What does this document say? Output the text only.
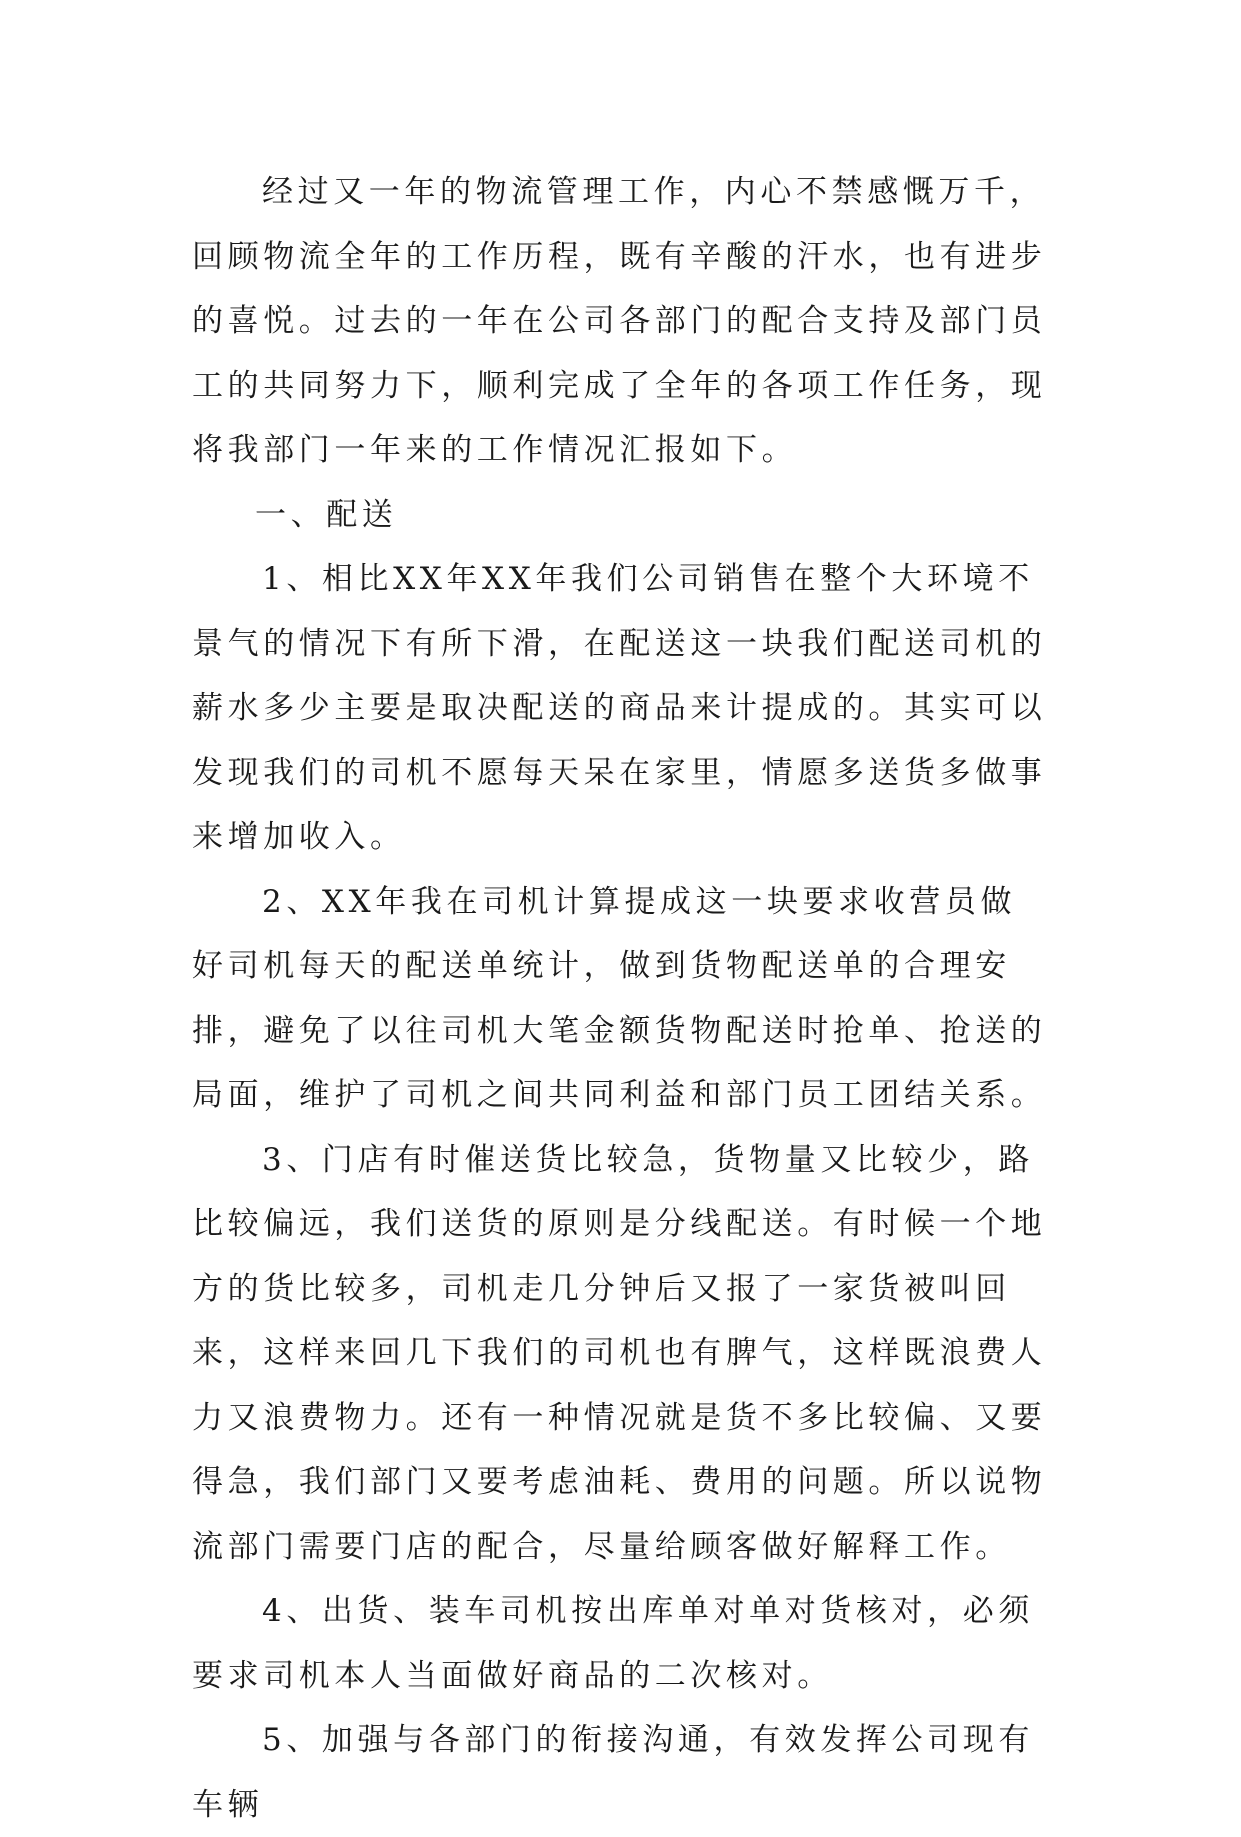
经过又一年的物流管理工作，内心不禁感慨万千，回顾物流全年的工作历程，既有辛酸的汗水，也有进步的喜悦。过去的一年在公司各部门的配合支持及部门员工的共同努力下，顺利完成了全年的各项工作任务，现将我部门一年来的工作情况汇报如下。

一、配送

1、相比XX年XX年我们公司销售在整个大环境不景气的情况下有所下滑，在配送这一块我们配送司机的薪水多少主要是取决配送的商品来计提成的。其实可以发现我们的司机不愿每天呆在家里，情愿多送货多做事来增加收入。

2、XX年我在司机计算提成这一块要求收营员做好司机每天的配送单统计，做到货物配送单的合理安排，避免了以往司机大笔金额货物配送时抢单、抢送的局面，维护了司机之间共同利益和部门员工团结关系。

3、门店有时催送货比较急，货物量又比较少，路比较偏远，我们送货的原则是分线配送。有时候一个地方的货比较多，司机走几分钟后又报了一家货被叫回来，这样来回几下我们的司机也有脾气，这样既浪费人力又浪费物力。还有一种情况就是货不多比较偏、又要得急，我们部门又要考虑油耗、费用的问题。所以说物流部门需要门店的配合，尽量给顾客做好解释工作。

4、出货、装车司机按出库单对单对货核对，必须要求司机本人当面做好商品的二次核对。

5、加强与各部门的衔接沟通，有效发挥公司现有车辆
